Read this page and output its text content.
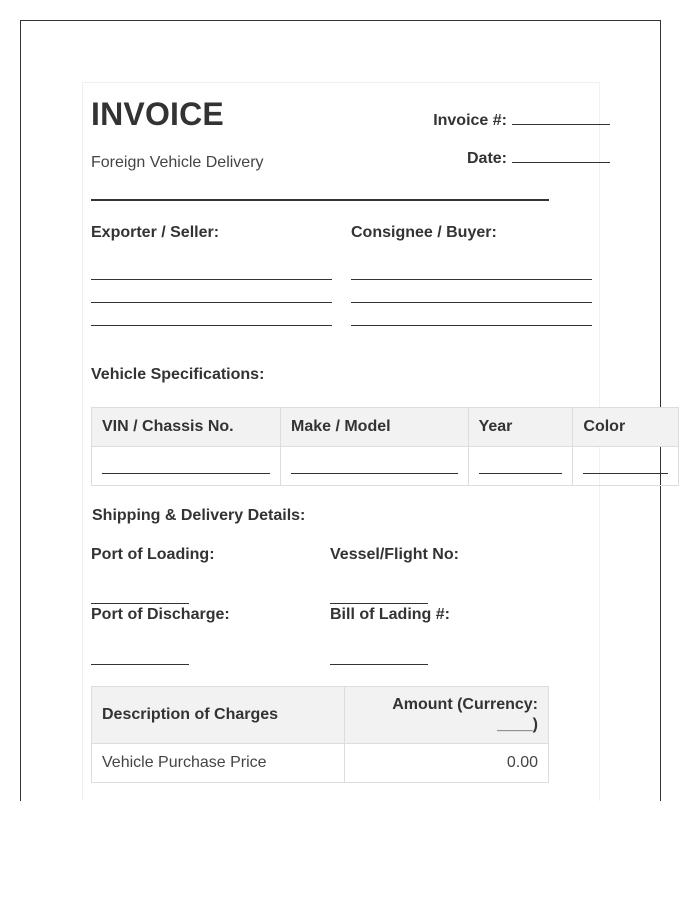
INVOICE
Foreign Vehicle Delivery
Invoice #:
Date:
Exporter / Seller:	Consignee / Buyer:
Vehicle Specifications:
VIN / Chassis No.	Make / Model	Year	Color

Shipping & Delivery Details:
Port of Loading:	Vessel/Flight No:
Port of Discharge:	Bill of Lading #:
Description of Charges	Amount (Currency:
____)
Vehicle Purchase Price	0.00
